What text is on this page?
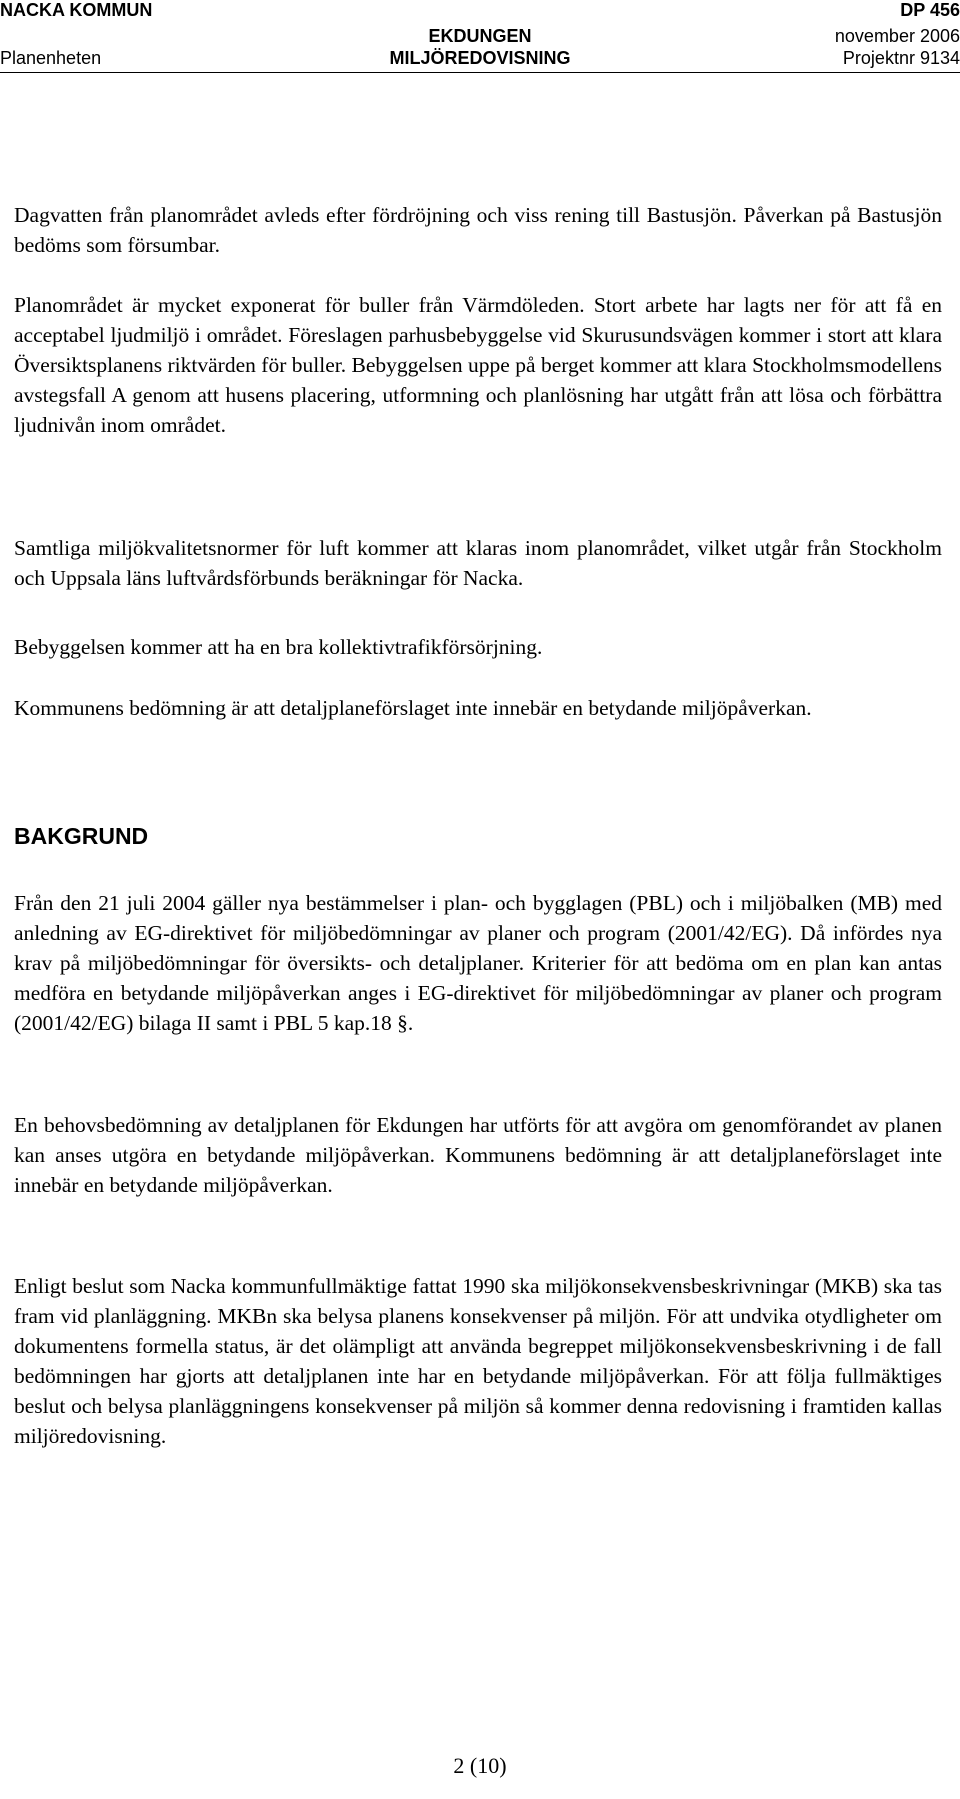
NACKA KOMMUN	DP 456
EKDUNGEN	november 2006
Planenheten	MILJÖREDOVISNING	Projektnr 9134

Dagvatten från planområdet avleds efter fördröjning och viss rening till Bastusjön. Påverkan på Bastusjön bedöms som försumbar.

Planområdet är mycket exponerat för buller från Värmdöleden. Stort arbete har lagts ner för att få en acceptabel ljudmiljö i området. Föreslagen parhusbebyggelse vid Skurusundsvägen kommer i stort att klara Översiktsplanens riktvärden för buller. Bebyggelsen uppe på berget kommer att klara Stockholmsmodellens avstegsfall A genom att husens placering, utformning och planlösning har utgått från att lösa och förbättra ljudnivån inom området.

Samtliga miljökvalitetsnormer för luft kommer att klaras inom planområdet, vilket utgår från Stockholm och Uppsala läns luftvårdsförbunds beräkningar för Nacka.

Bebyggelsen kommer att ha en bra kollektivtrafikförsörjning.

Kommunens bedömning är att detaljplaneförslaget inte innebär en betydande miljöpåverkan.

BAKGRUND

Från den 21 juli 2004 gäller nya bestämmelser i plan- och bygglagen (PBL) och i miljöbalken (MB) med anledning av EG-direktivet för miljöbedömningar av planer och program (2001/42/EG). Då infördes nya krav på miljöbedömningar för översikts- och detaljplaner. Kriterier för att bedöma om en plan kan antas medföra en betydande miljöpåverkan anges i EG-direktivet för miljöbedömningar av planer och program (2001/42/EG) bilaga II samt i PBL 5 kap.18 §.

En behovsbedömning av detaljplanen för Ekdungen har utförts för att avgöra om genomförandet av planen kan anses utgöra en betydande miljöpåverkan. Kommunens bedömning är att detaljplaneförslaget inte innebär en betydande miljöpåverkan.

Enligt beslut som Nacka kommunfullmäktige fattat 1990 ska miljökonsekvensbeskrivningar (MKB) ska tas fram vid planläggning. MKBn ska belysa planens konsekvenser på miljön. För att undvika otydligheter om dokumentens formella status, är det olämpligt att använda begreppet miljökonsekvensbeskrivning i de fall bedömningen har gjorts att detaljplanen inte har en betydande miljöpåverkan. För att följa fullmäktiges beslut och belysa planläggningens konsekvenser på miljön så kommer denna redovisning i framtiden kallas miljöredovisning.

2 (10)
